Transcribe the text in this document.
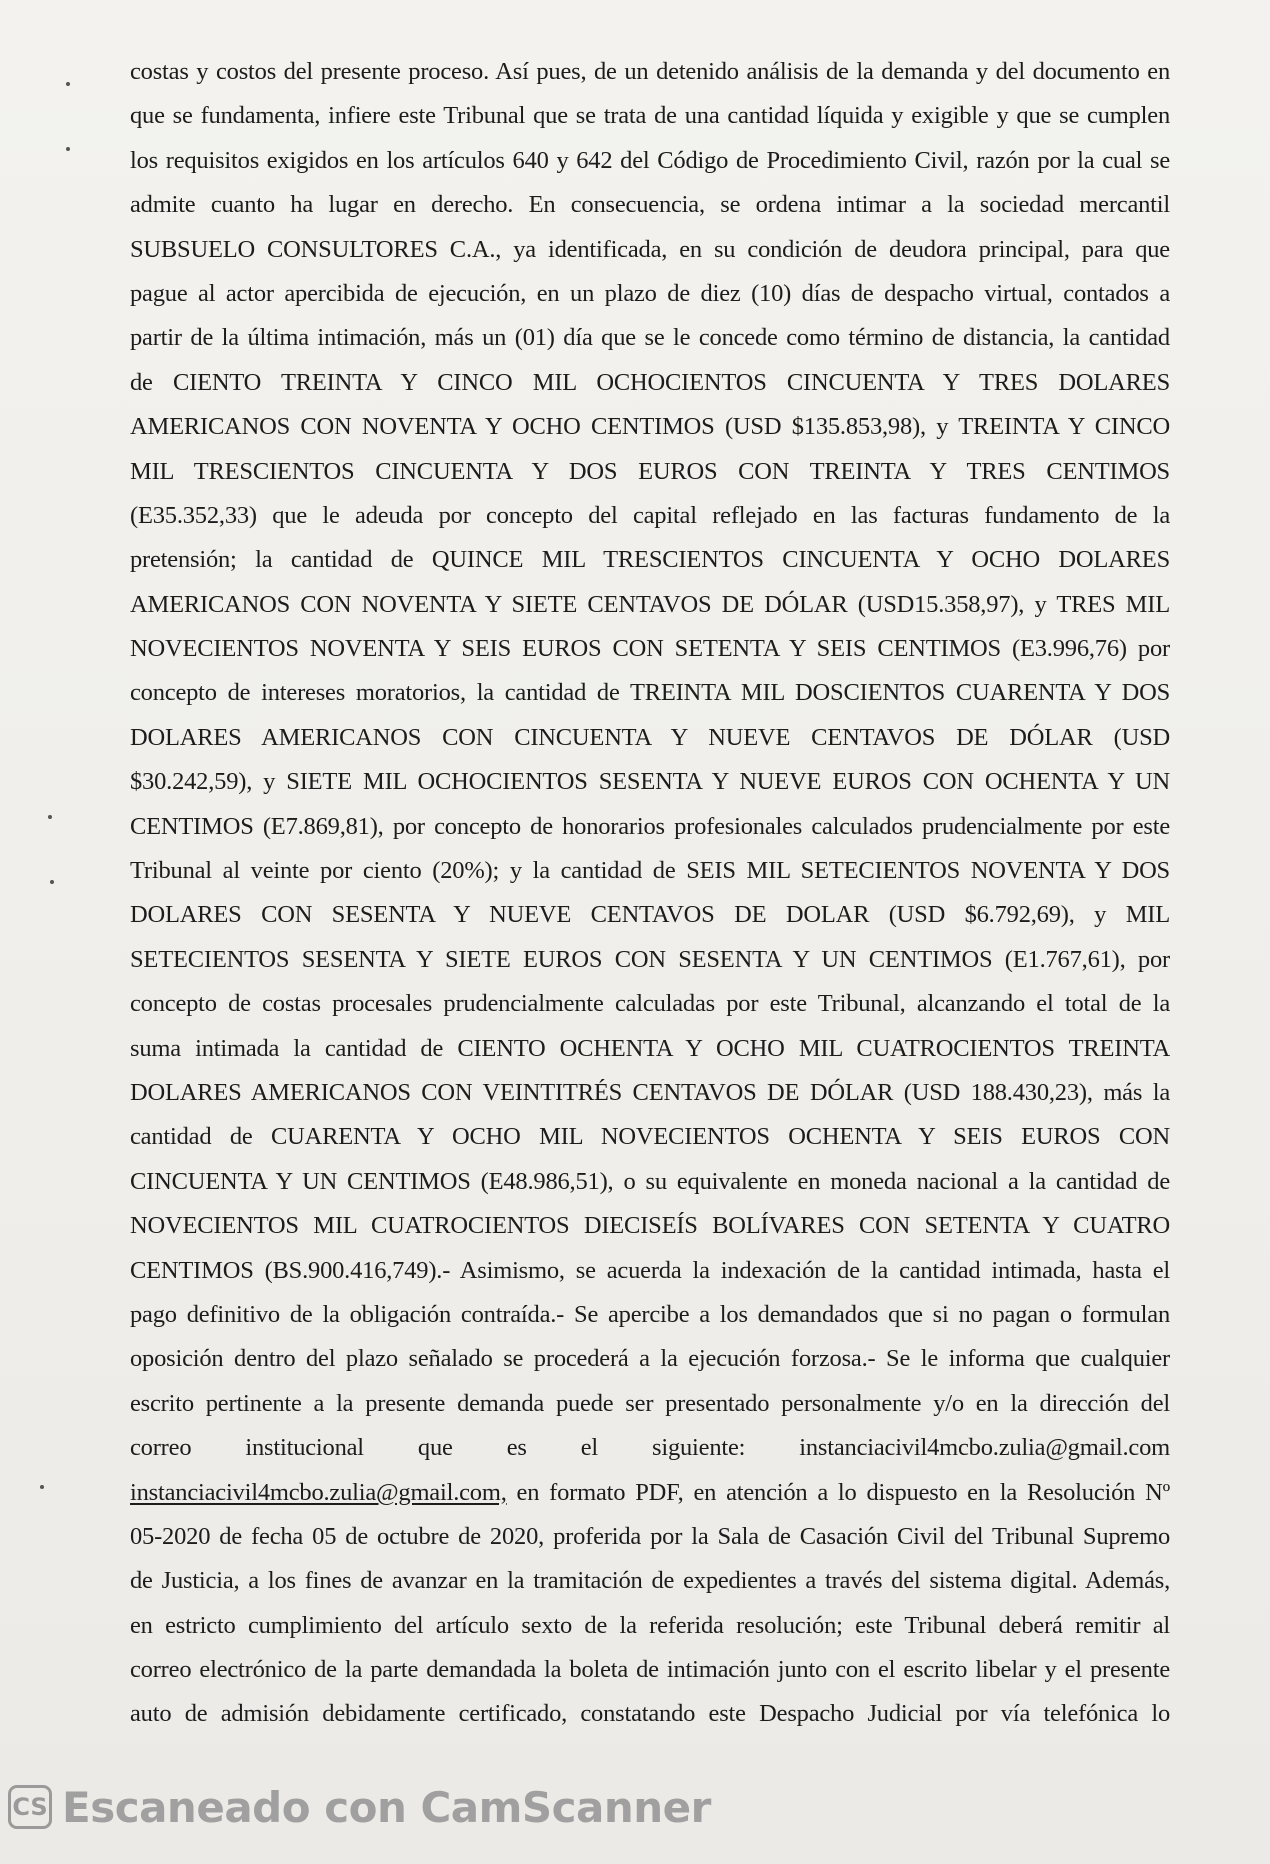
costas y costos del presente proceso. Así pues, de un detenido análisis de la demanda y del documento en
que se fundamenta, infiere este Tribunal que se trata de una cantidad líquida y exigible y que se cumplen
los requisitos exigidos en los artículos 640 y 642 del Código de Procedimiento Civil, razón por la cual se
admite cuanto ha lugar en derecho. En consecuencia, se ordena intimar a la sociedad mercantil
SUBSUELO CONSULTORES C.A., ya identificada, en su condición de deudora principal, para que
pague al actor apercibida de ejecución, en un plazo de diez (10) días de despacho virtual, contados a
partir de la última intimación, más un (01) día que se le concede como término de distancia, la cantidad
de CIENTO TREINTA Y CINCO MIL OCHOCIENTOS CINCUENTA Y TRES DOLARES
AMERICANOS CON NOVENTA Y OCHO CENTIMOS (USD $135.853,98), y TREINTA Y CINCO
MIL TRESCIENTOS CINCUENTA Y DOS EUROS CON TREINTA Y TRES CENTIMOS
(E35.352,33) que le adeuda por concepto del capital reflejado en las facturas fundamento de la
pretensión; la cantidad de QUINCE MIL TRESCIENTOS CINCUENTA Y OCHO DOLARES
AMERICANOS CON NOVENTA Y SIETE CENTAVOS DE DÓLAR (USD15.358,97), y TRES MIL
NOVECIENTOS NOVENTA Y SEIS EUROS CON SETENTA Y SEIS CENTIMOS (E3.996,76) por
concepto de intereses moratorios, la cantidad de TREINTA MIL DOSCIENTOS CUARENTA Y DOS
DOLARES AMERICANOS CON CINCUENTA Y NUEVE CENTAVOS DE DÓLAR (USD
$30.242,59), y SIETE MIL OCHOCIENTOS SESENTA Y NUEVE EUROS CON OCHENTA Y UN
CENTIMOS (E7.869,81), por concepto de honorarios profesionales calculados prudencialmente por este
Tribunal al veinte por ciento (20%); y la cantidad de SEIS MIL SETECIENTOS NOVENTA Y DOS
DOLARES CON SESENTA Y NUEVE CENTAVOS DE DOLAR (USD $6.792,69), y MIL
SETECIENTOS SESENTA Y SIETE EUROS CON SESENTA Y UN CENTIMOS (E1.767,61), por
concepto de costas procesales prudencialmente calculadas por este Tribunal, alcanzando el total de la
suma intimada la cantidad de CIENTO OCHENTA Y OCHO MIL CUATROCIENTOS TREINTA
DOLARES AMERICANOS CON VEINTITRÉS CENTAVOS DE DÓLAR (USD 188.430,23), más la
cantidad de CUARENTA Y OCHO MIL NOVECIENTOS OCHENTA Y SEIS EUROS CON
CINCUENTA Y UN CENTIMOS (E48.986,51), o su equivalente en moneda nacional a la cantidad de
NOVECIENTOS MIL CUATROCIENTOS DIECISEÍS BOLÍVARES CON SETENTA Y CUATRO
CENTIMOS (BS.900.416,749).- Asimismo, se acuerda la indexación de la cantidad intimada, hasta el
pago definitivo de la obligación contraída.- Se apercibe a los demandados que si no pagan o formulan
oposición dentro del plazo señalado se procederá a la ejecución forzosa.- Se le informa que cualquier
escrito pertinente a la presente demanda puede ser presentado personalmente y/o en la dirección del
correo institucional que es el siguiente: instanciacivil4mcbo.zulia@gmail.com
instanciacivil4mcbo.zulia@gmail.com, en formato PDF, en atención a lo dispuesto en la Resolución Nº
05-2020 de fecha 05 de octubre de 2020, proferida por la Sala de Casación Civil del Tribunal Supremo
de Justicia, a los fines de avanzar en la tramitación de expedientes a través del sistema digital. Además,
en estricto cumplimiento del artículo sexto de la referida resolución; este Tribunal deberá remitir al
correo electrónico de la parte demandada la boleta de intimación junto con el escrito libelar y el presente
auto de admisión debidamente certificado, constatando este Despacho Judicial por vía telefónica lo
CS Escaneado con CamScanner
